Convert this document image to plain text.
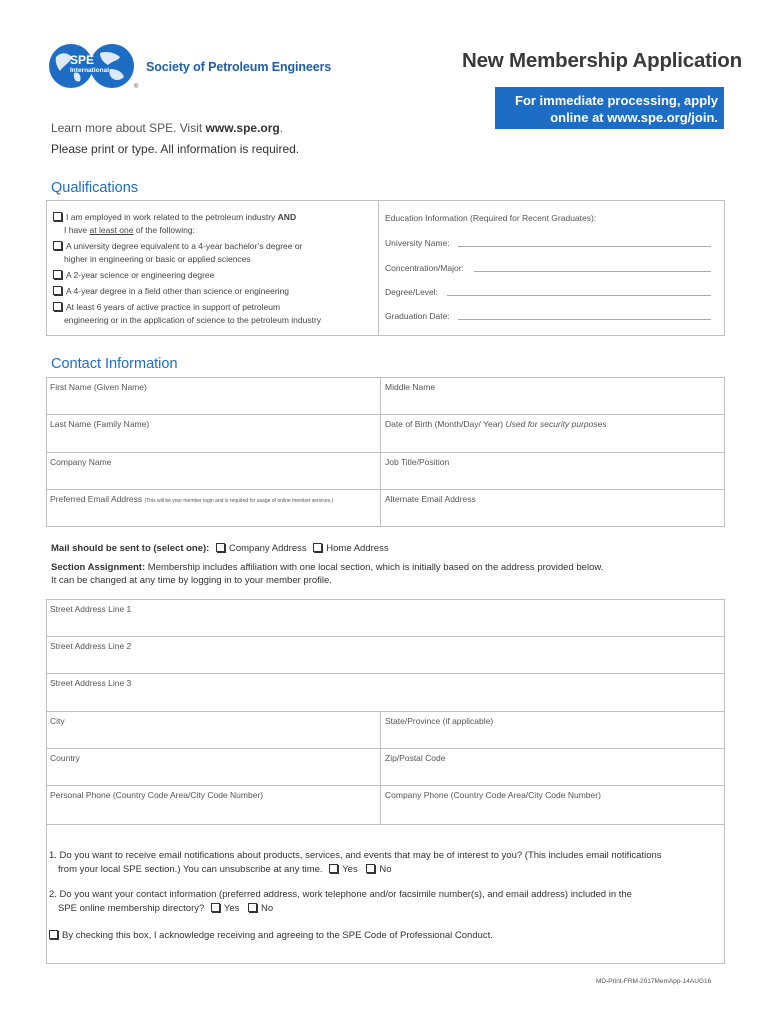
SPE
International
®
Society of Petroleum Engineers	New Membership Application
For immediate processing, apply
online at www.spe.org/join.
Learn more about SPE. Visit www.spe.org.
Please print or type. All information is required.
Qualifications
I am employed in work related to the petroleum industry AND
I have at least one of the following:
A university degree equivalent to a 4-year bachelor’s degree or
higher in engineering or basic or applied sciences
A 2-year science or engineering degree
A 4-year degree in a field other than science or engineering
At least 6 years of active practice in support of petroleum
engineering or in the application of science to the petroleum industry
Education Information (Required for Recent Graduates):
University Name:
Concentration/Major:
Degree/Level:
Graduation Date:
Contact Information
First Name (Given Name)	Middle Name
Last Name (Family Name)	Date of Birth (Month/Day/ Year) Used for security purposes
Company Name	Job Title/Position
Preferred Email Address (This will be your member login and is required for usage of online member services.)	Alternate Email Address
Mail should be sent to (select one): Company Address Home Address
Section Assignment: Membership includes affiliation with one local section, which is initially based on the address provided below.
It can be changed at any time by logging in to your member profile.
Street Address Line 1
Street Address Line 2
Street Address Line 3
City	State/Province (if applicable)
Country	Zip/Postal Code
Personal Phone (Country Code Area/City Code Number)	Company Phone (Country Code Area/City Code Number)
1. Do you want to receive email notifications about products, services, and events that may be of interest to you? (This includes email notifications
from your local SPE section.) You can unsubscribe at any time. Yes No
2. Do you want your contact information (preferred address, work telephone and/or facsimile number(s), and email address) included in the
SPE online membership directory? Yes No
By checking this box, I acknowledge receiving and agreeing to the SPE Code of Professional Conduct.
MD-Print-FRM-2017MemApp-14AUG16
